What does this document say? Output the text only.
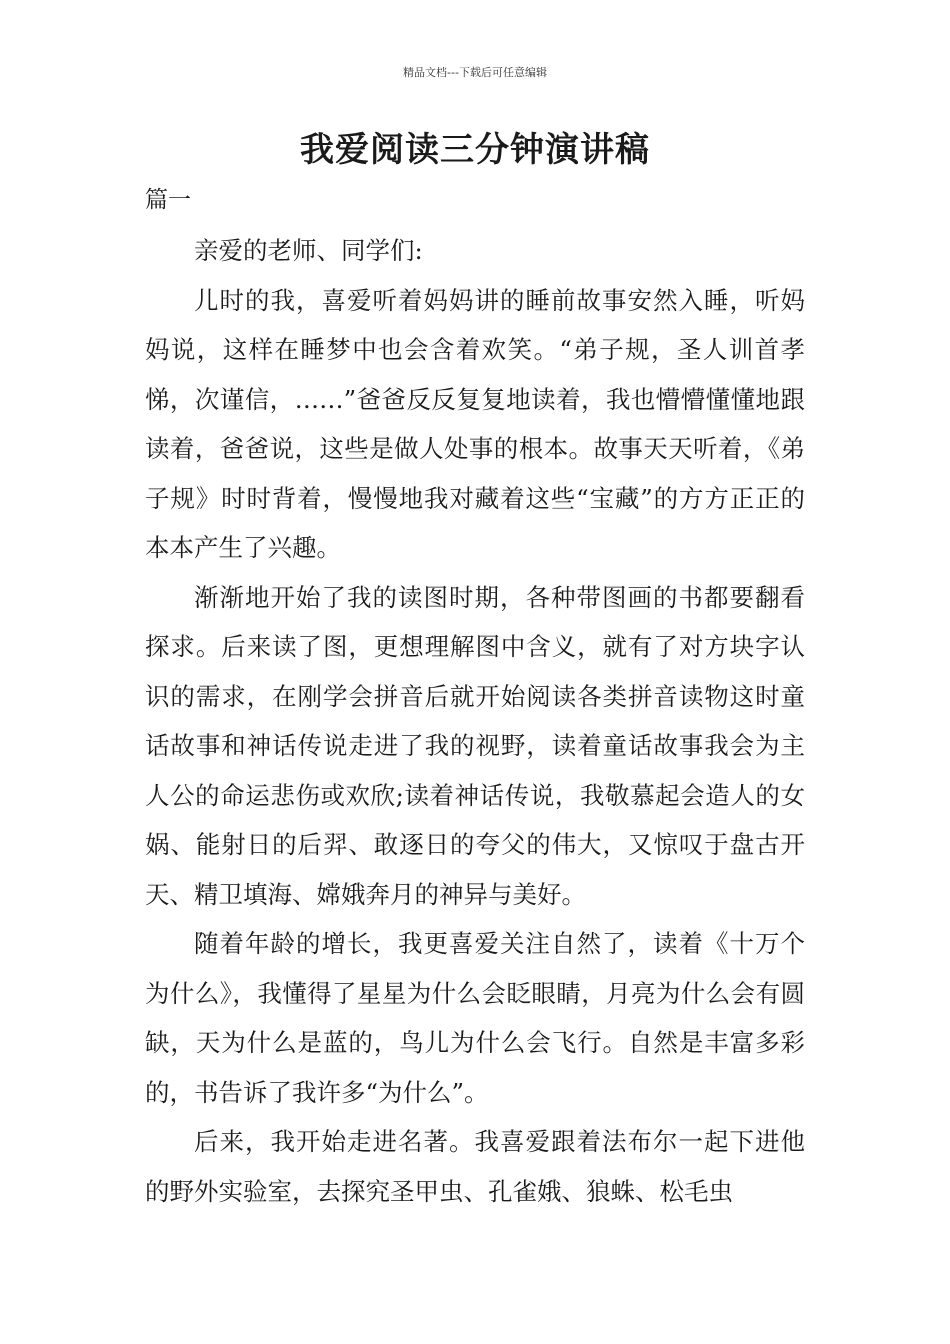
精品文档---下载后可任意编辑
我爱阅读三分钟演讲稿
篇一

亲爱的老师、同学们:

儿时的我，喜爱听着妈妈讲的睡前故事安然入睡，听妈妈说，这样在睡梦中也会含着欢笑。“弟子规，圣人训首孝悌，次谨信，……”爸爸反反复复地读着，我也懵懵懂懂地跟读着，爸爸说，这些是做人处事的根本。故事天天听着，《弟子规》时时背着，慢慢地我对藏着这些“宝藏”的方方正正的本本产生了兴趣。

渐渐地开始了我的读图时期，各种带图画的书都要翻看探求。后来读了图，更想理解图中含义，就有了对方块字认识的需求，在刚学会拼音后就开始阅读各类拼音读物这时童话故事和神话传说走进了我的视野，读着童话故事我会为主人公的命运悲伤或欢欣;读着神话传说，我敬慕起会造人的女娲、能射日的后羿、敢逐日的夸父的伟大，又惊叹于盘古开天、精卫填海、嫦娥奔月的神异与美好。

随着年龄的增长，我更喜爱关注自然了，读着《十万个为什么》，我懂得了星星为什么会眨眼睛，月亮为什么会有圆缺，天为什么是蓝的，鸟儿为什么会飞行。自然是丰富多彩的，书告诉了我许多“为什么”。

后来，我开始走进名著。我喜爱跟着法布尔一起下进他的野外实验室，去探究圣甲虫、孔雀娥、狼蛛、松毛虫
